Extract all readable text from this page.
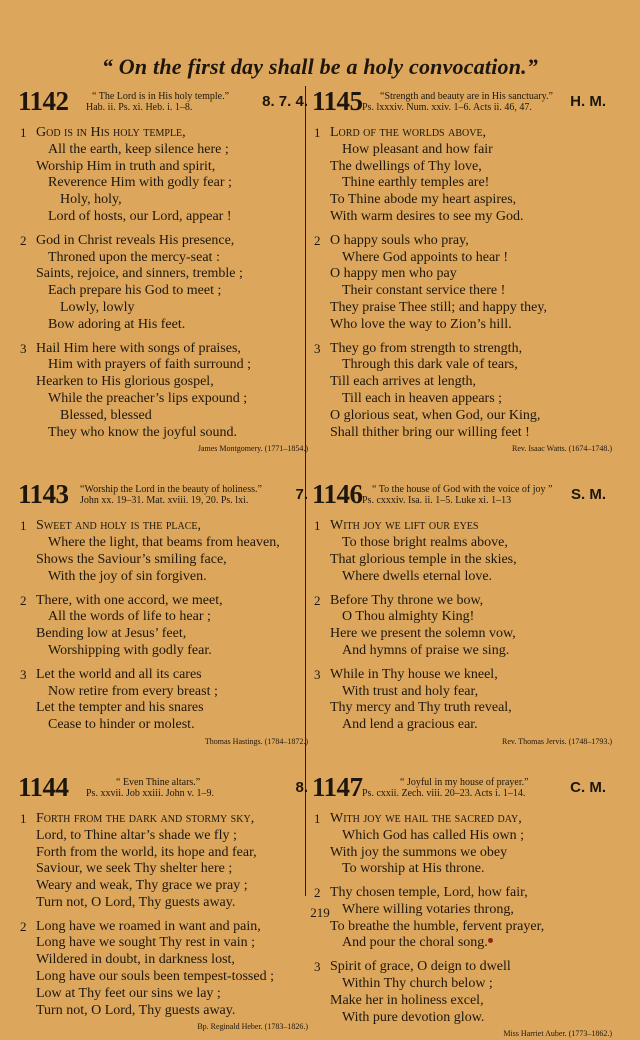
“ On the first day shall be a holy convocation.”
1142 “ The Lord is in His holy temple.”
Hab. ii. Ps. xi. Heb. i. 1–8.	8. 7. 4.
1 God is in His holy temple,
All the earth, keep silence here ;
Worship Him in truth and spirit,
Reverence Him with godly fear ;
Holy, holy,
Lord of hosts, our Lord, appear !
2 God in Christ reveals His presence,
Throned upon the mercy-seat :
Saints, rejoice, and sinners, tremble ;
Each prepare his God to meet ;
Lowly, lowly
Bow adoring at His feet.
3 Hail Him here with songs of praises,
Him with prayers of faith surround ;
Hearken to His glorious gospel,
While the preacher’s lips expound ;
Blessed, blessed
They who know the joyful sound.
James Montgomery. (1771–1854.)
1143 “Worship the Lord in the beauty of holiness.”
John xx. 19–31. Mat. xviii. 19, 20. Ps. lxi.	7.
1 Sweet and holy is the place,
Where the light, that beams from heaven,
Shows the Saviour’s smiling face,
With the joy of sin forgiven.
2 There, with one accord, we meet,
All the words of life to hear ;
Bending low at Jesus’ feet,
Worshipping with godly fear.
3 Let the world and all its cares
Now retire from every breast ;
Let the tempter and his snares
Cease to hinder or molest.
Thomas Hastings. (1784–1872.)
1144	“ Even Thine altars.”
Ps. xxvii. Job xxiii. John v. 1–9.	8.
1 Forth from the dark and stormy sky,
Lord, to Thine altar’s shade we fly ;
Forth from the world, its hope and fear,
Saviour, we seek Thy shelter here ;
Weary and weak, Thy grace we pray ;
Turn not, O Lord, Thy guests away.
2 Long have we roamed in want and pain,
Long have we sought Thy rest in vain ;
Wildered in doubt, in darkness lost,
Long have our souls been tempest-tossed ;
Low at Thy feet our sins we lay ;
Turn not, O Lord, Thy guests away.
Bp. Reginald Heber. (1783–1826.)
1145 “Strength and beauty are in His sanctuary.”
Ps. lxxxiv. Num. xxiv. 1–6. Acts ii. 46, 47.	H. M.
1 Lord of the worlds above,
How pleasant and how fair
The dwellings of Thy love,
Thine earthly temples are!
To Thine abode my heart aspires,
With warm desires to see my God.
2 O happy souls who pray,
Where God appoints to hear !
O happy men who pay
Their constant service there !
They praise Thee still; and happy they,
Who love the way to Zion’s hill.
3 They go from strength to strength,
Through this dark vale of tears,
Till each arrives at length,
Till each in heaven appears ;
O glorious seat, when God, our King,
Shall thither bring our willing feet !
Rev. Isaac Watts. (1674–1748.)
1146 “ To the house of God with the voice of joy ”
Ps. cxxxiv. Isa. ii. 1–5. Luke xi. 1–13	S. M.
1 With joy we lift our eyes
To those bright realms above,
That glorious temple in the skies,
Where dwells eternal love.
2 Before Thy throne we bow,
O Thou almighty King!
Here we present the solemn vow,
And hymns of praise we sing.
3 While in Thy house we kneel,
With trust and holy fear,
Thy mercy and Thy truth reveal,
And lend a gracious ear.
Rev. Thomas Jervis. (1748–1793.)
1147	“ Joyful in my house of prayer.”
Ps. cxxii. Zech. viii. 20–23. Acts i. 1–14.	C. M.
1 With joy we hail the sacred day,
Which God has called His own ;
With joy the summons we obey
To worship at His throne.
2 Thy chosen temple, Lord, how fair,
Where willing votaries throng,
To breathe the humble, fervent prayer,
And pour the choral song.
3 Spirit of grace, O deign to dwell
Within Thy church below ;
Make her in holiness excel,
With pure devotion glow.
Miss Harriet Auber. (1773–1862.)
219
